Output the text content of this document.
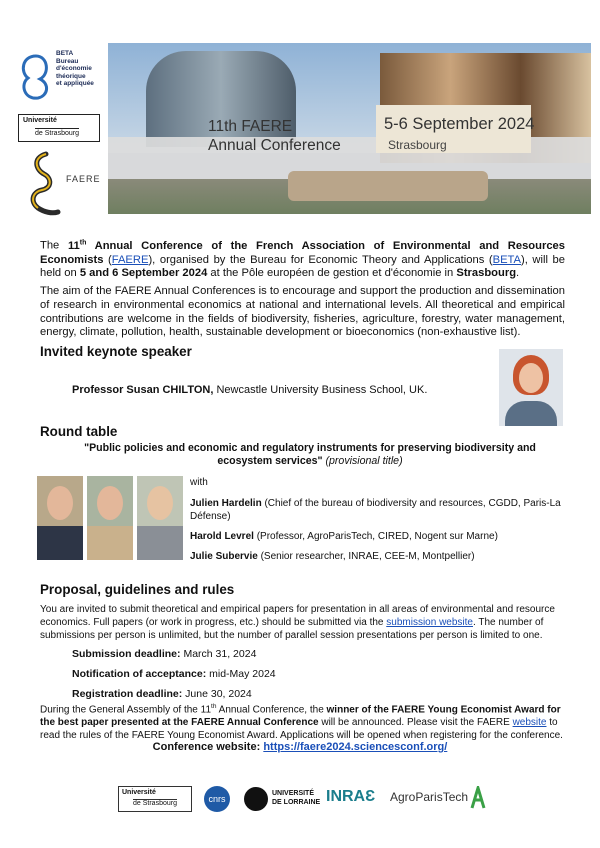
BETA
Bureau
d'économie
théorique
et appliquée
Université
de Strasbourg
FAERE
11th FAERE
Annual Conference
5-6 September 2024
Strasbourg
The 11th Annual Conference of the French Association of Environmental and Resources Economists (FAERE), organised by the Bureau for Economic Theory and Applications (BETA), will be held on 5 and 6 September 2024 at the Pôle européen de gestion et d'économie in Strasbourg.
The aim of the FAERE Annual Conferences is to encourage and support the production and dissemination of research in environmental economics at national and international levels. All theoretical and empirical contributions are welcome in the fields of biodiversity, fisheries, agriculture, forestry, water management, energy, climate, pollution, health, sustainable development or bioeconomics (non-exhaustive list).
Invited keynote speaker
Professor Susan CHILTON, Newcastle University Business School, UK.
Round table
"Public policies and economic and regulatory instruments for preserving biodiversity and ecosystem services" (provisional title)
with
Julien Hardelin (Chief of the bureau of biodiversity and resources, CGDD, Paris-La Défense)
Harold Levrel (Professor, AgroParisTech, CIRED, Nogent sur Marne)
Julie Subervie (Senior researcher, INRAE, CEE-M, Montpellier)
Proposal, guidelines and rules
You are invited to submit theoretical and empirical papers for presentation in all areas of environmental and resource economics. Full papers (or work in progress, etc.) should be submitted via the submission website. The number of submissions per person is unlimited, but the number of parallel session presentations per person is limited to one.
Submission deadline: March 31, 2024
Notification of acceptance: mid-May 2024
Registration deadline: June 30, 2024
During the General Assembly of the 11th Annual Conference, the winner of the FAERE Young Economist Award for the best paper presented at the FAERE Annual Conference will be announced. Please visit the FAERE website to read the rules of the FAERE Young Economist Award. Applications will be opened when registering for the conference.
Conference website: https://faere2024.sciencesconf.org/
Université
de Strasbourg	cnrs
UNIVERSITÉ
DE LORRAINE INRAƐ AgroParisTech
